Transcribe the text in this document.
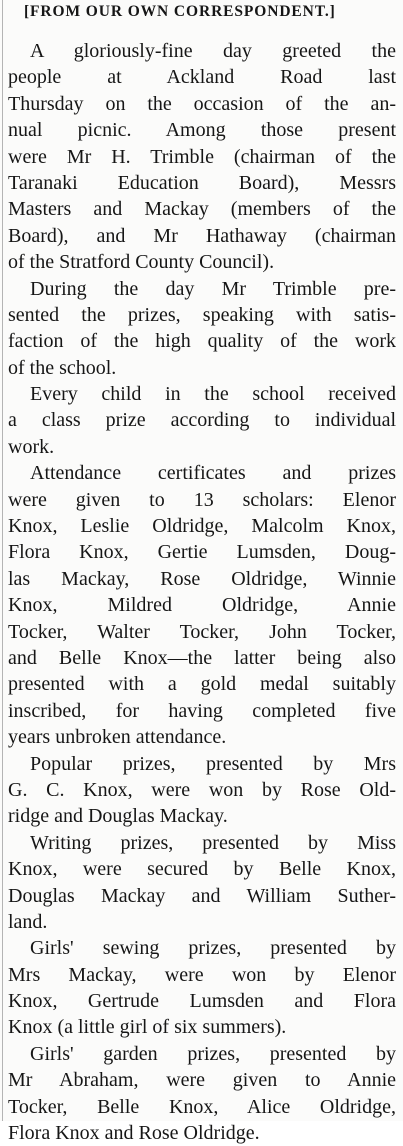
[FROM OUR OWN CORRESPONDENT.]

A gloriously-fine day greeted the
people at Ackland Road last
Thursday on the occasion of the an-
nual picnic. Among those present
were Mr H. Trimble (chairman of the
Taranaki Education Board), Messrs
Masters and Mackay (members of the
Board), and Mr Hathaway (chairman
of the Stratford County Council).

During the day Mr Trimble pre-
sented the prizes, speaking with satis-
faction of the high quality of the work
of the school.

Every child in the school received
a class prize according to individual
work.

Attendance certificates and prizes
were given to 13 scholars: Elenor
Knox, Leslie Oldridge, Malcolm Knox,
Flora Knox, Gertie Lumsden, Doug-
las Mackay, Rose Oldridge, Winnie
Knox, Mildred Oldridge, Annie
Tocker, Walter Tocker, John Tocker,
and Belle Knox—the latter being also
presented with a gold medal suitably
inscribed, for having completed five
years unbroken attendance.

Popular prizes, presented by Mrs
G. C. Knox, were won by Rose Old-
ridge and Douglas Mackay.

Writing prizes, presented by Miss
Knox, were secured by Belle Knox,
Douglas Mackay and William Suther-
land.

Girls' sewing prizes, presented by
Mrs Mackay, were won by Elenor
Knox, Gertrude Lumsden and Flora
Knox (a little girl of six summers).

Girls' garden prizes, presented by
Mr Abraham, were given to Annie
Tocker, Belle Knox, Alice Oldridge,
Flora Knox and Rose Oldridge.
